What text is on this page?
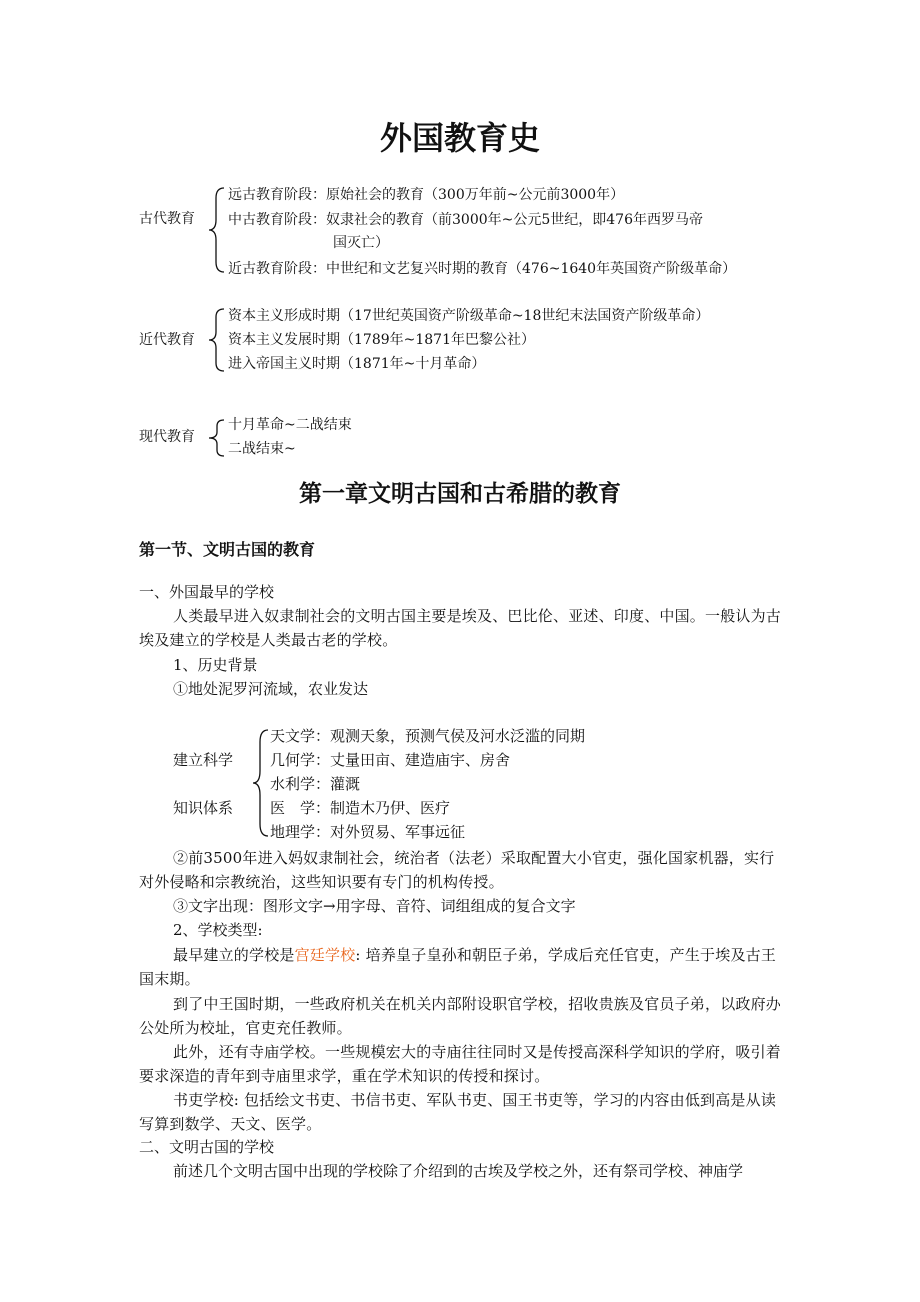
外国教育史
古代教育
远古教育阶段：原始社会的教育（300万年前~公元前3000年）
中古教育阶段：奴隶社会的教育（前3000年~公元5世纪，即476年西罗马帝
国灭亡）
近古教育阶段：中世纪和文艺复兴时期的教育（476~1640年英国资产阶级革命）
近代教育
资本主义形成时期（17世纪英国资产阶级革命~18世纪末法国资产阶级革命）
资本主义发展时期（1789年~1871年巴黎公社）
进入帝国主义时期（1871年~十月革命）
现代教育
十月革命~二战结束
二战结束~
第一章文明古国和古希腊的教育
第一节、文明古国的教育
一、外国最早的学校
人类最早进入奴隶制社会的文明古国主要是埃及、巴比伦、亚述、印度、中国。一般认为古埃及建立的学校是人类最古老的学校。
1、历史背景
①地处泥罗河流域，农业发达
建立科学
知识体系
天文学：观测天象，预测气侯及河水泛滥的同期
几何学：丈量田亩、建造庙宇、房舍
水利学：灌溉
医　学：制造木乃伊、医疗
地理学：对外贸易、军事远征
②前3500年进入妈奴隶制社会，统治者（法老）采取配置大小官吏，强化国家机器，实行对外侵略和宗教统治，这些知识要有专门的机构传授。
③文字出现：图形文字→用字母、音符、词组组成的复合文字
2、学校类型:
最早建立的学校是宫廷学校: 培养皇子皇孙和朝臣子弟，学成后充任官吏，产生于埃及古王国末期。
到了中王国时期，一些政府机关在机关内部附设职官学校，招收贵族及官员子弟，以政府办公处所为校址，官吏充任教师。
此外，还有寺庙学校。一些规模宏大的寺庙往往同时又是传授高深科学知识的学府，吸引着要求深造的青年到寺庙里求学，重在学术知识的传授和探讨。
书吏学校: 包括绘文书吏、书信书吏、军队书吏、国王书吏等，学习的内容由低到高是从读写算到数学、天文、医学。
二、文明古国的学校
前述几个文明古国中出现的学校除了介绍到的古埃及学校之外，还有祭司学校、神庙学
